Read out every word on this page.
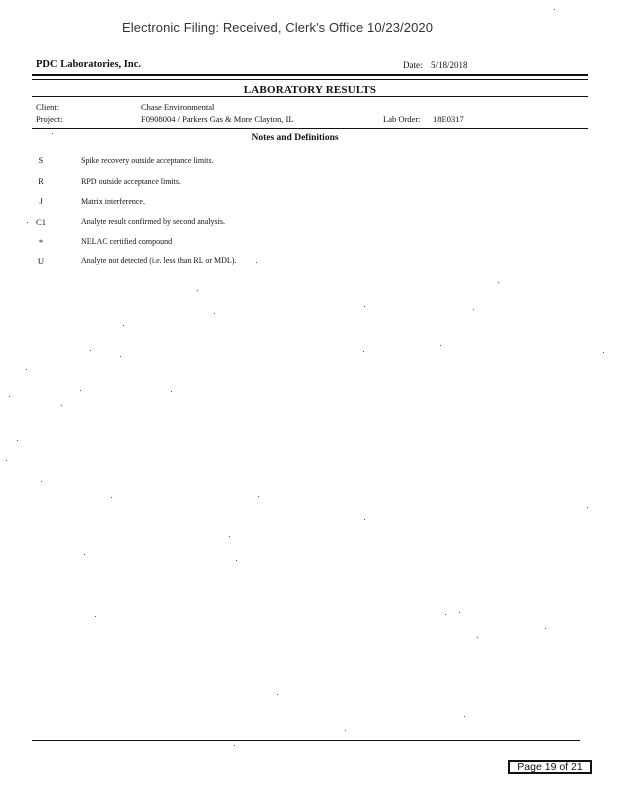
Electronic Filing: Received, Clerk's Office 10/23/2020
PDC Laboratories, Inc.	Date: 5/18/2018
LABORATORY RESULTS
Client:	Chase Environmental
Project:	F0908004 / Parkers Gas & More Clayton, IL	Lab Order: 18E0317
Notes and Definitions
S	Spike recovery outside acceptance limits.
R	RPD outside acceptance limits.
J	Matrix interference.
C1	Analyte result confirmed by second analysis.
*	NELAC certified compound
U	Analyte not detected (i.e. less than RL or MDL).
Page 19 of 21
